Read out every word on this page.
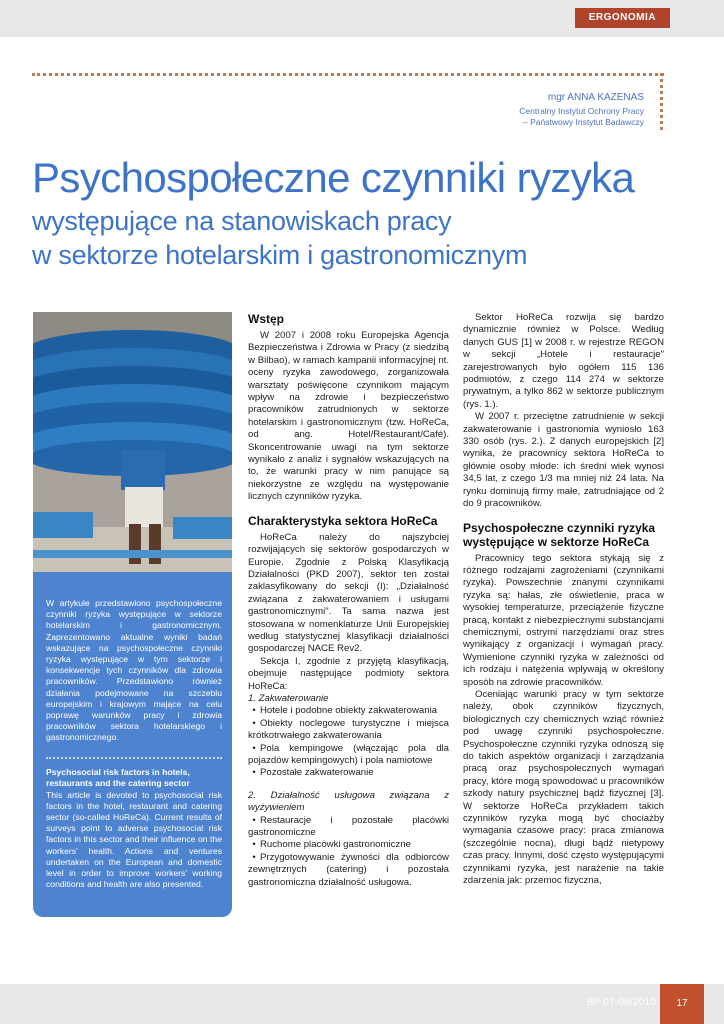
ERGONOMIA
mgr ANNA KAZENAS
Centralny Instytut Ochrony Pracy
– Państwowy Instytut Badawczy
Psychospołeczne czynniki ryzyka
występujące na stanowiskach pracy
w sektorze hotelarskim i gastronomicznym

W artykule przedstawiono psychospołeczne czynniki ryzyka występujące w sektorze hotelarskim i gastronomicznym. Zaprezentowano aktualne wyniki badań wskazujące na psychospołeczne czynniki ryzyka występujące w tym sektorze i konsekwencje tych czynników dla zdrowia pracowników. Przedstawiono również działania podejmowane na szczeblu europejskim i krajowym mające na celu poprawę warunków pracy i zdrowia pracowników sektora hotelarskiego i gastronomicznego.

Psychosocial risk factors in hotels, restaurants and the catering sector

This article is devoted to psychosocial risk factors in the hotel, restaurant and catering sector (so-called HoReCa). Current results of surveys point to adverse psychosocial risk factors in this sector and their influence on the workers' health. Actions and ventures undertaken on the European and domestic level in order to improve workers' working conditions and health are also presented.

Wstęp

W 2007 i 2008 roku Europejska Agencja Bezpieczeństwa i Zdrowia w Pracy (z siedzibą w Bilbao), w ramach kampanii informacyjnej nt. oceny ryzyka zawodowego, zorganizowała warsztaty poświęcone czynnikom mającym wpływ na zdrowie i bezpieczeństwo pracowników zatrudnionych w sektorze hotelarskim i gastronomicznym (tzw. HoReCa, od ang. Hotel/Restaurant/Café). Skoncentrowanie uwagi na tym sektorze wynikało z analiz i sygnałów wskazujących na to, że warunki pracy w nim panujące są niekorzystne ze względu na występowanie licznych czynników ryzyka.

Charakterystyka sektora HoReCa

HoReCa należy do najszybciej rozwijających się sektorów gospodarczych w Europie. Zgodnie z Polską Klasyfikacją Działalności (PKD 2007), sektor ten został zaklasyfikowany do sekcji (I): „Działalność związana z zakwaterowaniem i usługami gastronomicznymi". Ta sama nazwa jest stosowana w nomenklaturze Unii Europejskiej według statystycznej klasyfikacji działalności gospodarczej NACE Rev2.

Sekcja I, zgodnie z przyjętą klasyfikacją, obejmuje następujące podmioty sektora HoReCa:

1. Zakwaterowanie

• Hotele i podobne obiekty zakwaterowania

• Obiekty noclegowe turystyczne i miejsca krótkotrwałego zakwaterowania

• Pola kempingowe (włączając pola dla pojazdów kempingowych) i pola namiotowe

• Pozostałe zakwaterowanie

2. Działalność usługowa związana z wyżywieniem

• Restauracje i pozostałe placówki gastronomiczne

• Ruchome placówki gastronomiczne

• Przygotowywanie żywności dla odbiorców zewnętrznych (catering) i pozostała gastronomiczna działalność usługowa.

Sektor HoReCa rozwija się bardzo dynamicznie również w Polsce. Według danych GUS [1] w 2008 r. w rejestrze REGON w sekcji „Hotele i restauracje" zarejestrowanych było ogółem 115 136 podmiotów, z czego 114 274 w sektorze prywatnym, a tylko 862 w sektorze publicznym (rys. 1.).

W 2007 r. przeciętne zatrudnienie w sekcji zakwaterowanie i gastronomia wyniosło 163 330 osób (rys. 2.). Z danych europejskich [2] wynika, że pracownicy sektora HoReCa to głównie osoby młode: ich średni wiek wynosi 34,5 lat, z czego 1/3 ma mniej niż 24 lata. Na rynku dominują firmy małe, zatrudniające od 2 do 9 pracowników.

Psychospołeczne czynniki ryzyka występujące w sektorze HoReCa

Pracownicy tego sektora stykają się z różnego rodzajami zagrożeniami (czynnikami ryzyka). Powszechnie znanymi czynnikami ryzyka są: hałas, złe oświetlenie, praca w wysokiej temperaturze, przeciążenie fizyczne pracą, kontakt z niebezpiecznymi substancjami chemicznymi, ostrymi narzędziami oraz stres wynikający z organizacji i wymagań pracy. Wymienione czynniki ryzyka w zależności od ich rodzaju i natężenia wpływają w określony sposób na zdrowie pracowników.

Oceniając warunki pracy w tym sektorze należy, obok czynników fizycznych, biologicznych czy chemicznych wziąć również pod uwagę czynniki psychospołeczne. Psychospołeczne czynniki ryzyka odnoszą się do takich aspektów organizacji i zarządzania pracą oraz psychospołecznych wymagań pracy, które mogą spowodować u pracowników szkody natury psychicznej bądź fizycznej [3]. W sektorze HoReCa przykładem takich czynników ryzyka mogą być chociażby wymagania czasowe pracy: praca zmianowa (szczególnie nocna), długi bądź nietypowy czas pracy. Innymi, dość często występującymi czynnikami ryzyka, jest narażenie na takie zdarzenia jak: przemoc fizyczna,

BP 07-08/2010	17
